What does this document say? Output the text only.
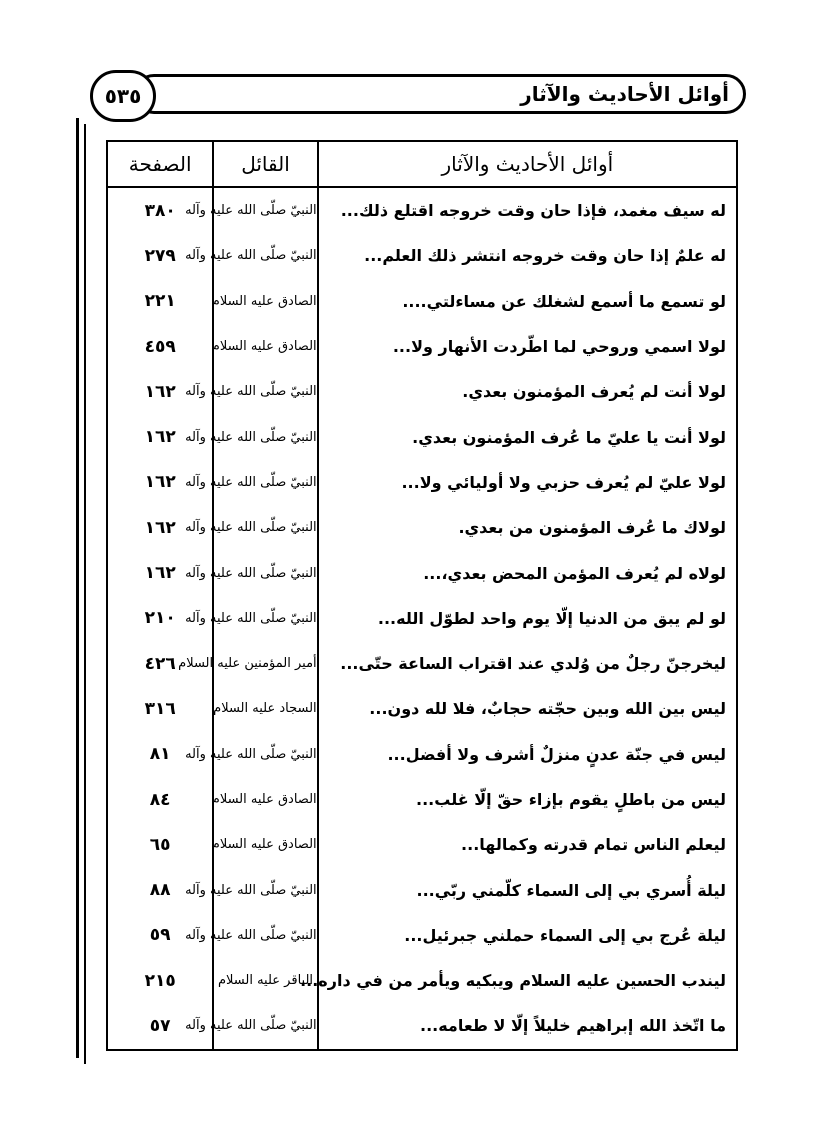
أوائل الأحاديث والآثار
٥٣٥
أوائل الأحاديث والآثار	القائل	الصفحة
له سيف مغمد، فإذا حان وقت خروجه اقتلع ذلك...	النبيّ صلّى الله عليه وآله	٣٨٠
له علمٌ إذا حان وقت خروجه انتشر ذلك العلم...	النبيّ صلّى الله عليه وآله	٢٧٩
لو تسمع ما أسمع لشغلك عن مساءلتي....	الصادق عليه السلام	٢٢١
لولا اسمي وروحي لما اطّردت الأنهار ولا...	الصادق عليه السلام	٤٥٩
لولا أنت لم يُعرف المؤمنون بعدي.	النبيّ صلّى الله عليه وآله	١٦٢
لولا أنت يا عليّ ما عُرف المؤمنون بعدي.	النبيّ صلّى الله عليه وآله	١٦٢
لولا عليّ لم يُعرف حزبي ولا أوليائي ولا...	النبيّ صلّى الله عليه وآله	١٦٢
لولاك ما عُرف المؤمنون من بعدي.	النبيّ صلّى الله عليه وآله	١٦٢
لولاه لم يُعرف المؤمن المحض بعدي،...	النبيّ صلّى الله عليه وآله	١٦٢
لو لم يبق من الدنيا إلّا يوم واحد لطوّل الله...	النبيّ صلّى الله عليه وآله	٢١٠
ليخرجنّ رجلٌ من وُلدي عند اقتراب الساعة حتّى...	أمير المؤمنين عليه السلام	٤٢٦
ليس بين الله وبين حجّته حجابٌ، فلا لله دون...	السجاد عليه السلام	٣١٦
ليس في جنّة عدنٍ منزلٌ أشرف ولا أفضل...	النبيّ صلّى الله عليه وآله	٨١
ليس من باطلٍ يقوم بإزاء حقّ إلّا غلب...	الصادق عليه السلام	٨٤
ليعلم الناس تمام قدرته وكمالها...	الصادق عليه السلام	٦٥
ليلة أُسري بي إلى السماء كلّمني ربّي...	النبيّ صلّى الله عليه وآله	٨٨
ليلة عُرج بي إلى السماء حملني جبرئيل...	النبيّ صلّى الله عليه وآله	٥٩
ليندب الحسين عليه السلام ويبكيه ويأمر من في داره...	الباقر عليه السلام	٢١٥
ما اتّخذ الله إبراهيم خليلاً إلّا لا طعامه...	النبيّ صلّى الله عليه وآله	٥٧
